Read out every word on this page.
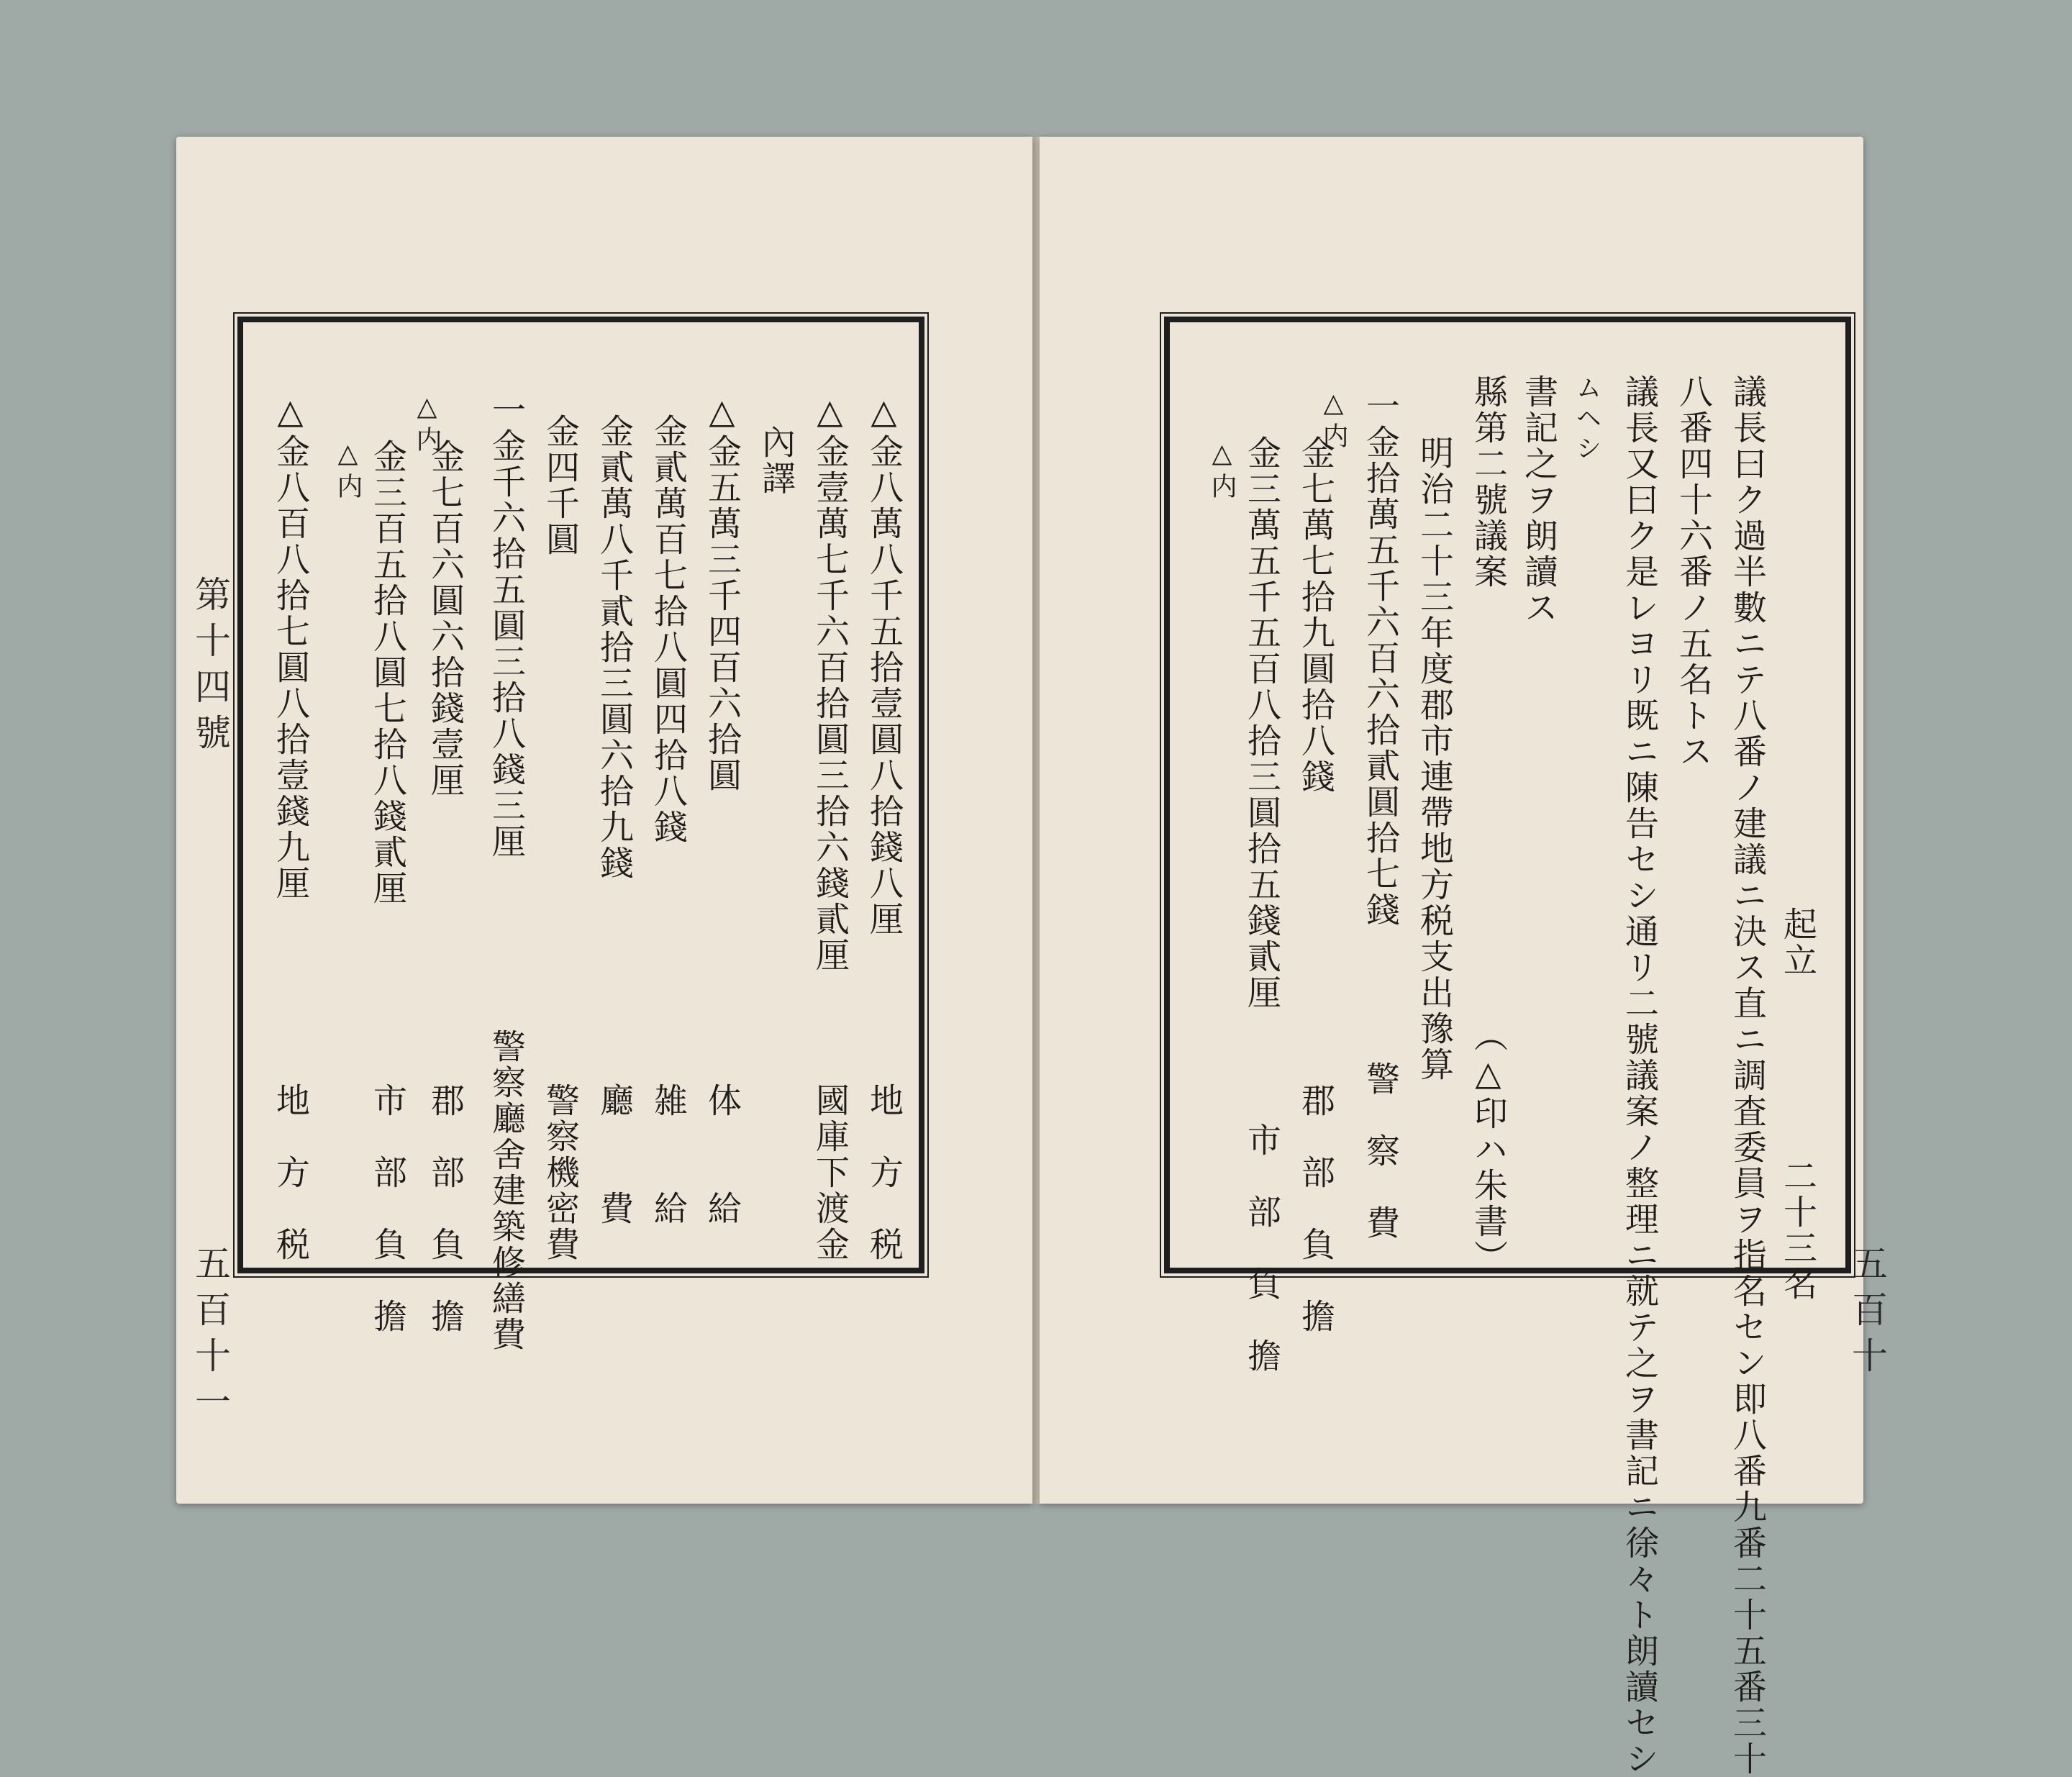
△金八萬八千五拾壹圓八拾錢八厘
地　方　税
△金壹萬七千六百拾圓三拾六錢貳厘
國庫下渡金
內譯
△金五萬三千四百六拾圓
体　　給
金貳萬百七拾八圓四拾八錢
雑　　給
金貳萬八千貳拾三圓六拾九錢
廳　　費
金四千圓
警察機密費
一金千六拾五圓三拾八錢三厘
警察廳舍建築修繕費
金七百六圓六拾錢壹厘
郡　部　負　擔
△内
金三百五拾八圓七拾八錢貳厘
市　部　負　擔
△内
△金八百八拾七圓八拾壹錢九厘
地　方　税
第十四號
五百十一
起立　　　　　二十三名
議長曰ク過半數ニテ八番ノ建議ニ決ス直ニ調査委員ヲ指名セン即八番九番二十五番三十
八番四十六番ノ五名トス
議長又曰ク是レヨリ既ニ陳告セシ通リ二號議案ノ整理ニ就テ之ヲ書記ニ徐々ト朗讀セシ
ムヘシ
書記之ヲ朗讀ス
縣第二號議案
（△印ハ朱書）
明治二十三年度郡市連帶地方税支出豫算
一金拾萬五千六百六拾貳圓拾七錢
警　察　費
△内
金七萬七拾九圓拾八錢
郡　部　負　擔
金三萬五千五百八拾三圓拾五錢貳厘
市　部　負　擔
△内
五百十
